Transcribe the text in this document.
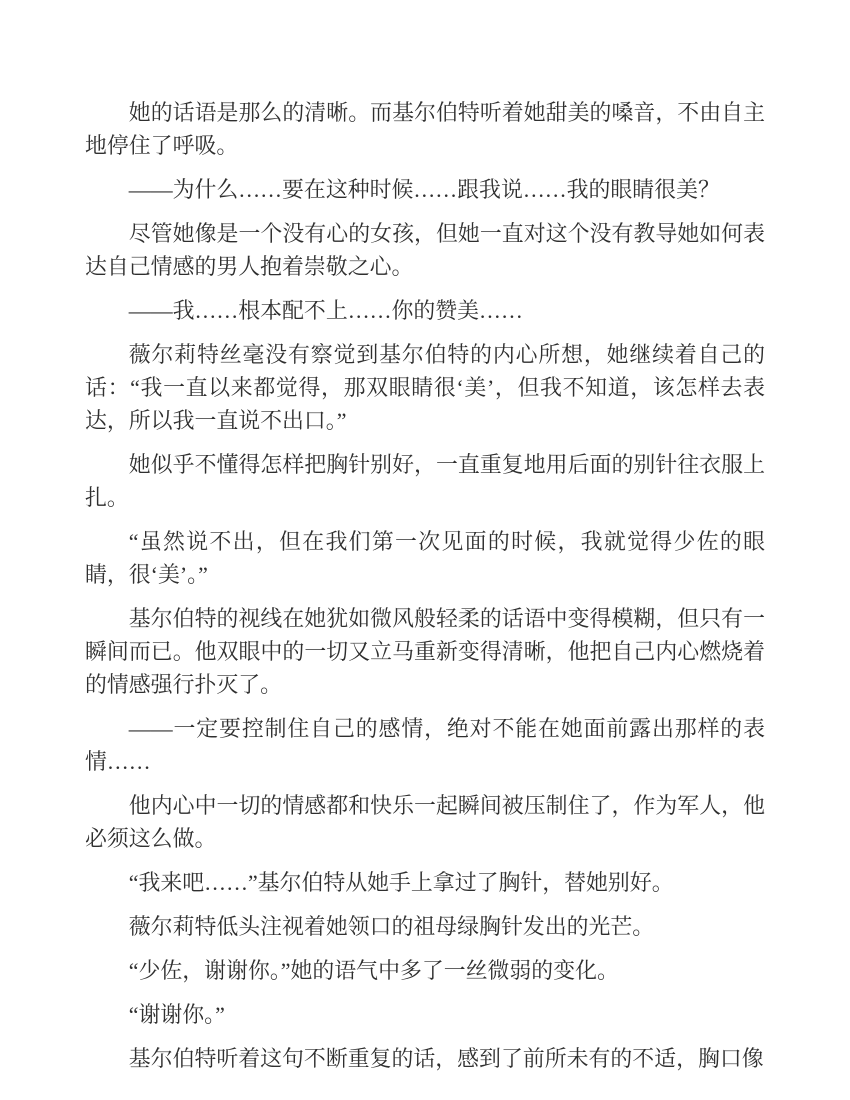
她的话语是那么的清晰。而基尔伯特听着她甜美的嗓音，不由自主地停住了呼吸。

——为什么……要在这种时候……跟我说……我的眼睛很美？

尽管她像是一个没有心的女孩，但她一直对这个没有教导她如何表达自己情感的男人抱着崇敬之心。

——我……根本配不上……你的赞美……

薇尔莉特丝毫没有察觉到基尔伯特的内心所想，她继续着自己的话：“我一直以来都觉得，那双眼睛很‘美’，但我不知道，该怎样去表达，所以我一直说不出口。”

她似乎不懂得怎样把胸针别好，一直重复地用后面的别针往衣服上扎。

“虽然说不出，但在我们第一次见面的时候，我就觉得少佐的眼睛，很‘美’。”

基尔伯特的视线在她犹如微风般轻柔的话语中变得模糊，但只有一瞬间而已。他双眼中的一切又立马重新变得清晰，他把自己内心燃烧着的情感强行扑灭了。

——一定要控制住自己的感情，绝对不能在她面前露出那样的表情……

他内心中一切的情感都和快乐一起瞬间被压制住了，作为军人，他必须这么做。

“我来吧……”基尔伯特从她手上拿过了胸针，替她别好。

薇尔莉特低头注视着她领口的祖母绿胸针发出的光芒。

“少佐，谢谢你。”她的语气中多了一丝微弱的变化。

“谢谢你。”

基尔伯特听着这句不断重复的话，感到了前所未有的不适，胸口像
